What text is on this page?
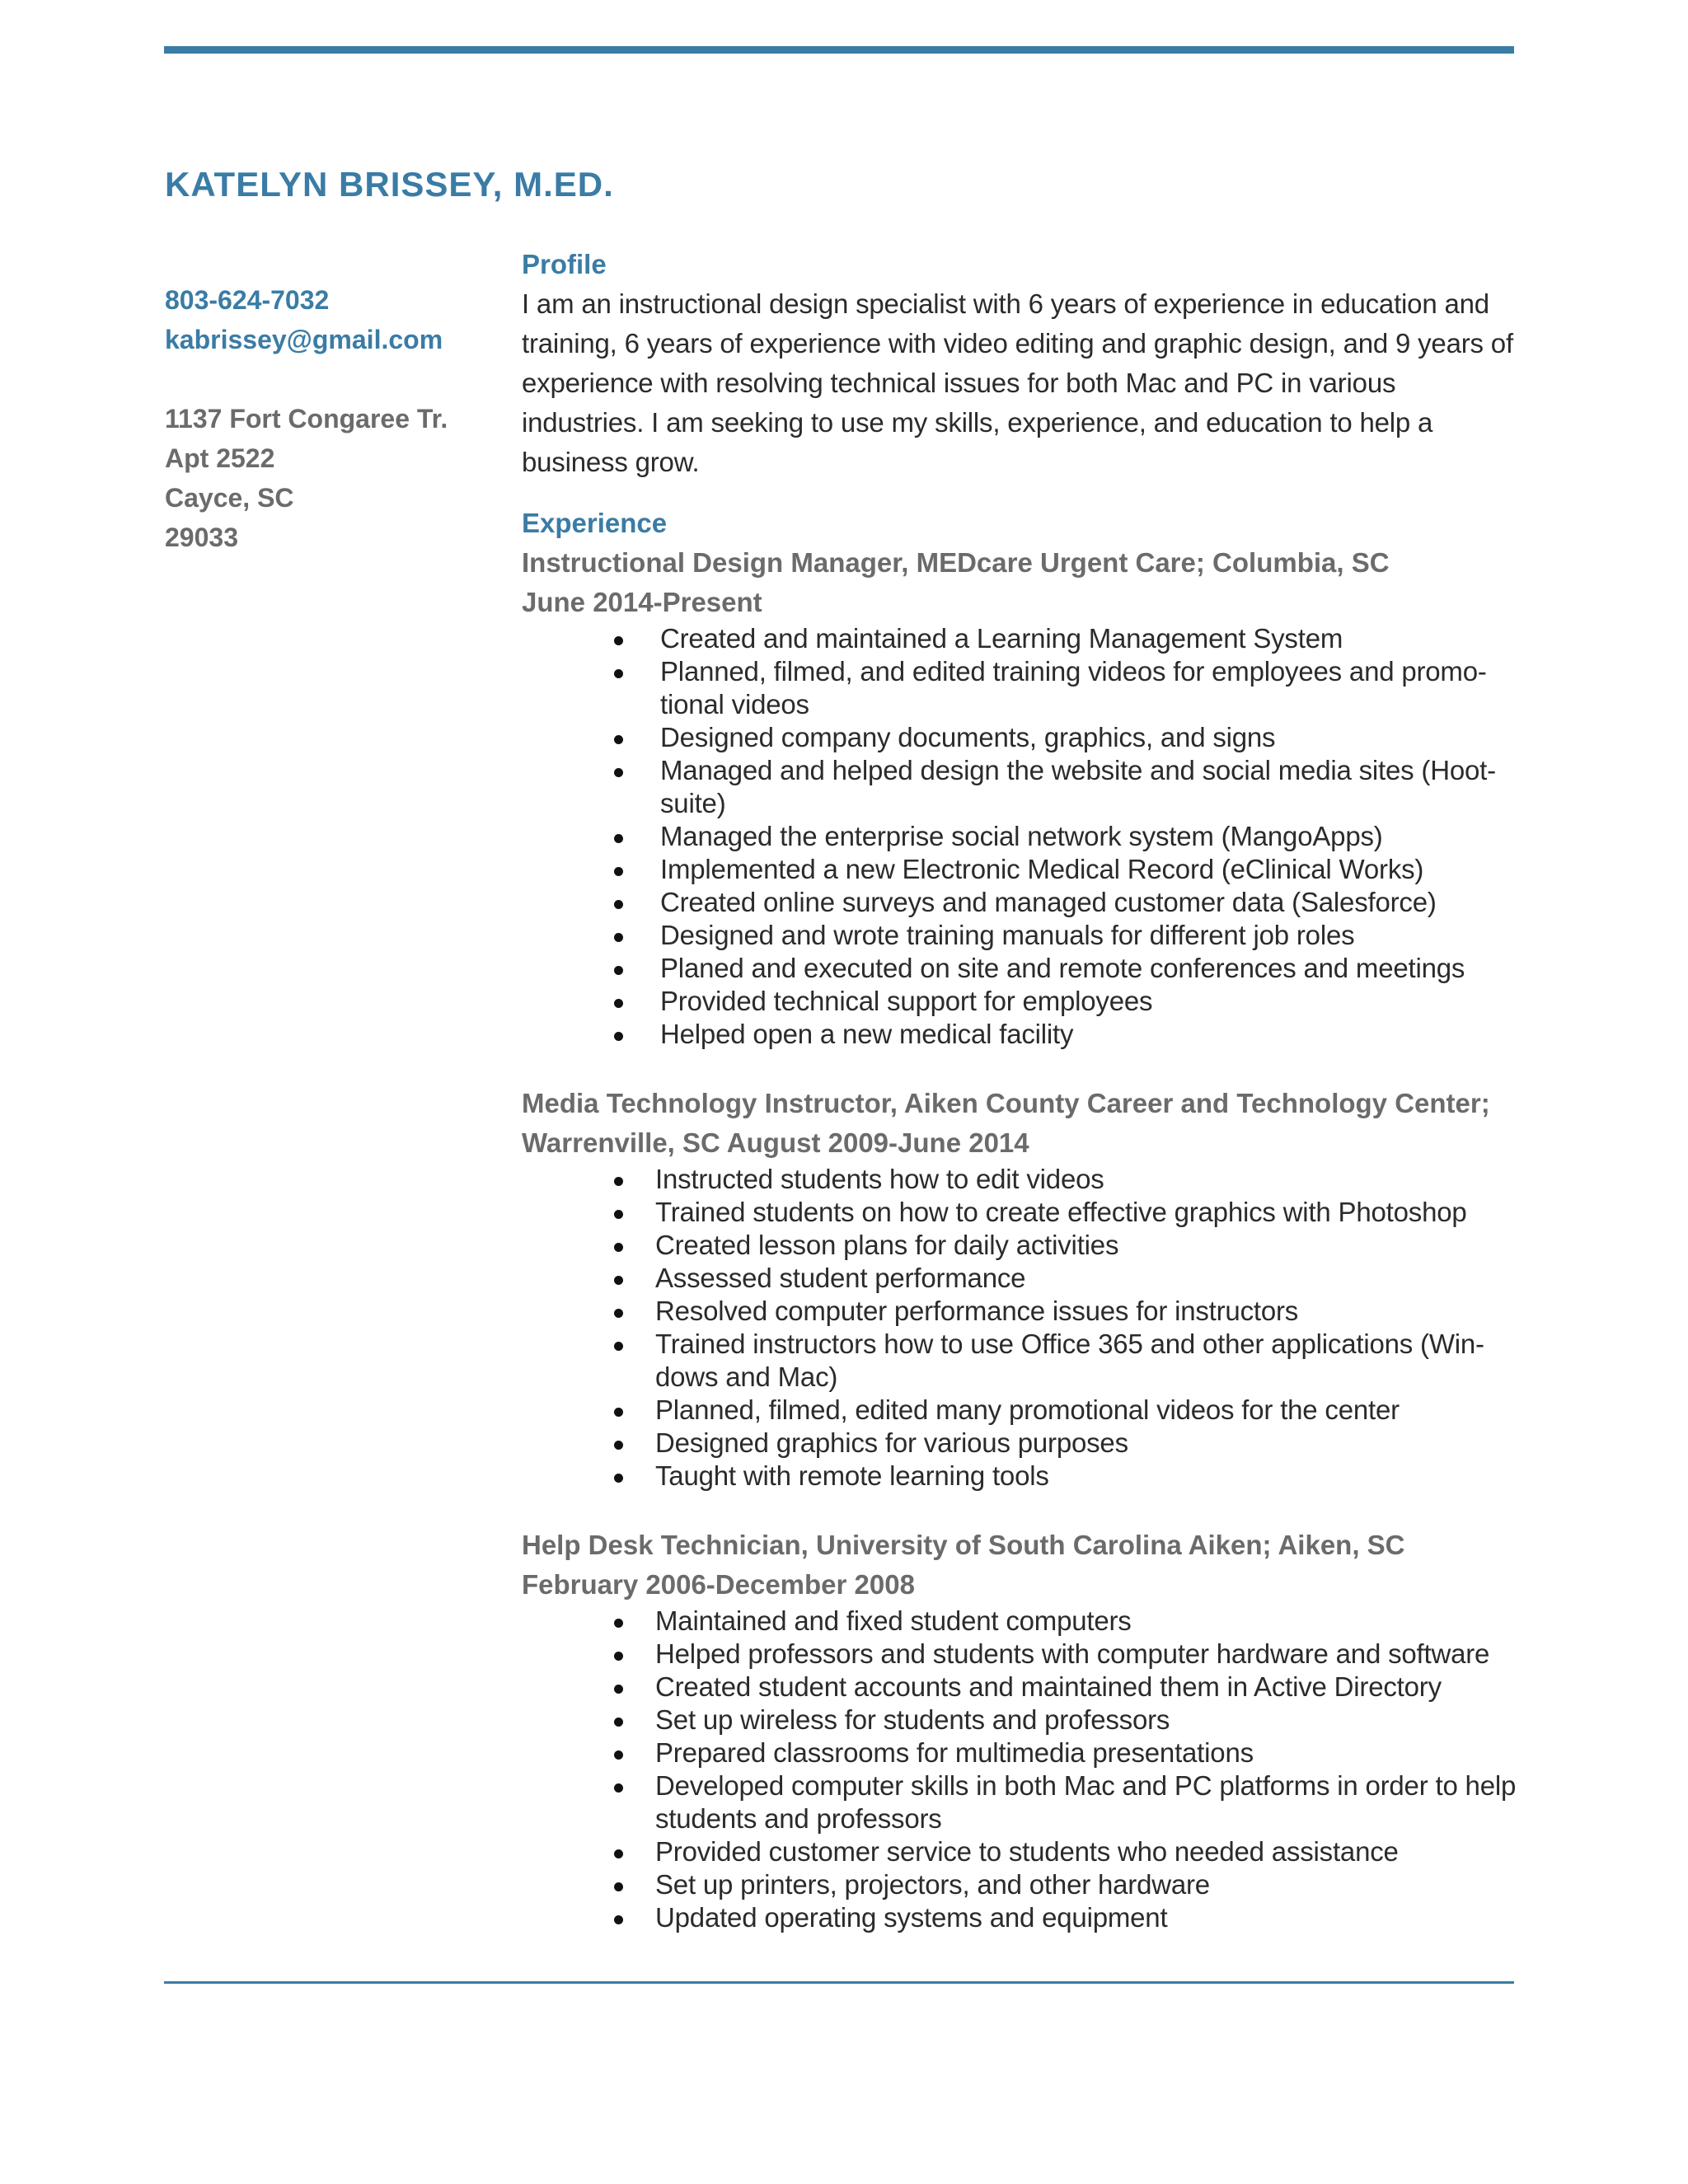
KATELYN BRISSEY, M.ED.
803-624-7032
kabrissey@gmail.com
1137 Fort Congaree Tr.
Apt 2522
Cayce, SC
29033
Profile

I am an instructional design specialist with 6 years of experience in education and training, 6 years of experience with video editing and graphic design, and 9 years of experience with resolving technical issues for both Mac and PC in various industries. I am seeking to use my skills, experience, and education to help a business grow.

Experience

Instructional Design Manager, MEDcare Urgent Care; Columbia, SC

June 2014-Present

Created and maintained a Learning Management System
Planned, filmed, and edited training videos for employees and promo-tional videos
Designed company documents, graphics, and signs
Managed and helped design the website and social media sites (Hoot-suite)
Managed the enterprise social network system (MangoApps)
Implemented a new Electronic Medical Record (eClinical Works)
Created online surveys and managed customer data (Salesforce)
Designed and wrote training manuals for different job roles
Planed and executed on site and remote conferences and meetings
Provided technical support for employees
Helped open a new medical facility

Media Technology Instructor, Aiken County Career and Technology Center;

Warrenville, SC August 2009-June 2014

Instructed students how to edit videos
Trained students on how to create effective graphics with Photoshop
Created lesson plans for daily activities
Assessed student performance
Resolved computer performance issues for instructors
Trained instructors how to use Office 365 and other applications (Win-dows and Mac)
Planned, filmed, edited many promotional videos for the center
Designed graphics for various purposes
Taught with remote learning tools

Help Desk Technician, University of South Carolina Aiken; Aiken, SC

February 2006-December 2008

Maintained and fixed student computers
Helped professors and students with computer hardware and software
Created student accounts and maintained them in Active Directory
Set up wireless for students and professors
Prepared classrooms for multimedia presentations
Developed computer skills in both Mac and PC platforms in order to help students and professors
Provided customer service to students who needed assistance
Set up printers, projectors, and other hardware
Updated operating systems and equipment
